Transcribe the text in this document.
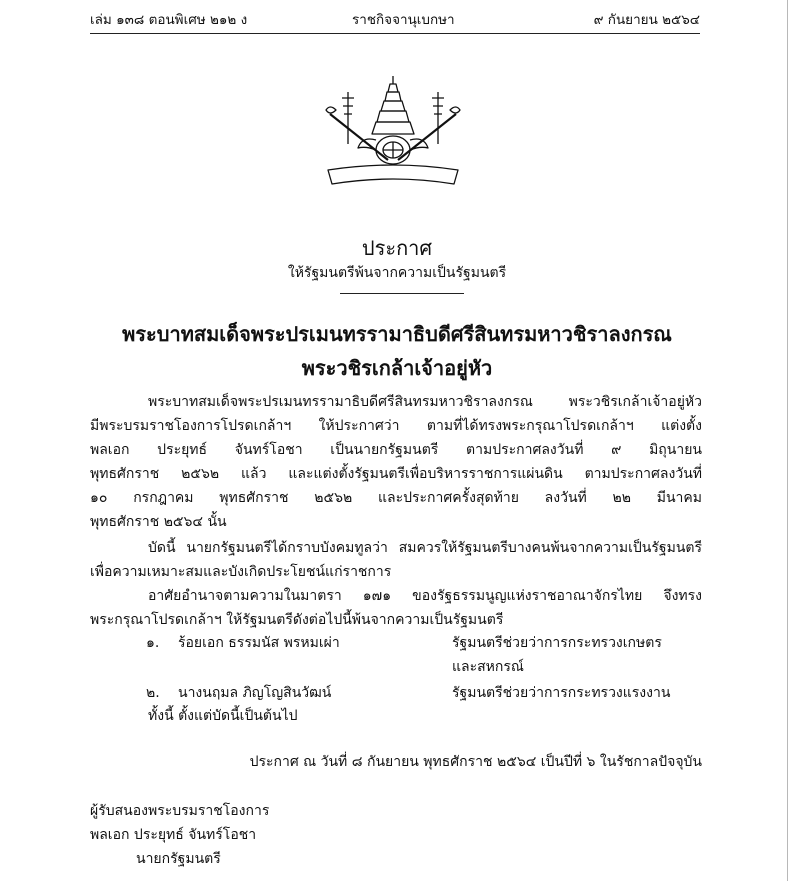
เล่ม ๑๓๘ ตอนพิเศษ ๒๑๒ ง	ราชกิจจานุเบกษา	๙ กันยายน ๒๕๖๔
ประกาศ
ให้รัฐมนตรีพ้นจากความเป็นรัฐมนตรี
พระบาทสมเด็จพระปรเมนทรรามาธิบดีศรีสินทรมหาวชิราลงกรณ
พระวชิรเกล้าเจ้าอยู่หัว
พระบาทสมเด็จพระปรเมนทรรามาธิบดีศรีสินทรมหาวชิราลงกรณ พระวชิรเกล้าเจ้าอยู่หัว
มีพระบรมราชโองการโปรดเกล้าฯ ให้ประกาศว่า ตามที่ได้ทรงพระกรุณาโปรดเกล้าฯ แต่งตั้ง
พลเอก ประยุทธ์ จันทร์โอชา เป็นนายกรัฐมนตรี ตามประกาศลงวันที่ ๙ มิถุนายน
พุทธศักราช ๒๕๖๒ แล้ว และแต่งตั้งรัฐมนตรีเพื่อบริหารราชการแผ่นดิน ตามประกาศลงวันที่
๑๐ กรกฎาคม พุทธศักราช ๒๕๖๒ และประกาศครั้งสุดท้าย ลงวันที่ ๒๒ มีนาคม
พุทธศักราช ๒๕๖๔ นั้น
บัดนี้ นายกรัฐมนตรีได้กราบบังคมทูลว่า สมควรให้รัฐมนตรีบางคนพ้นจากความเป็นรัฐมนตรี
เพื่อความเหมาะสมและบังเกิดประโยชน์แก่ราชการ
อาศัยอำนาจตามความในมาตรา ๑๗๑ ของรัฐธรรมนูญแห่งราชอาณาจักรไทย จึงทรง
พระกรุณาโปรดเกล้าฯ ให้รัฐมนตรีดังต่อไปนี้พ้นจากความเป็นรัฐมนตรี
๑. ร้อยเอก ธรรมนัส พรหมเผ่า	รัฐมนตรีช่วยว่าการกระทรวงเกษตร
และสหกรณ์
๒. นางนฤมล ภิญโญสินวัฒน์	รัฐมนตรีช่วยว่าการกระทรวงแรงงาน
ทั้งนี้ ตั้งแต่บัดนี้เป็นต้นไป
ประกาศ ณ วันที่ ๘ กันยายน พุทธศักราช ๒๕๖๔ เป็นปีที่ ๖ ในรัชกาลปัจจุบัน
ผู้รับสนองพระบรมราชโองการ
พลเอก ประยุทธ์ จันทร์โอชา
นายกรัฐมนตรี
